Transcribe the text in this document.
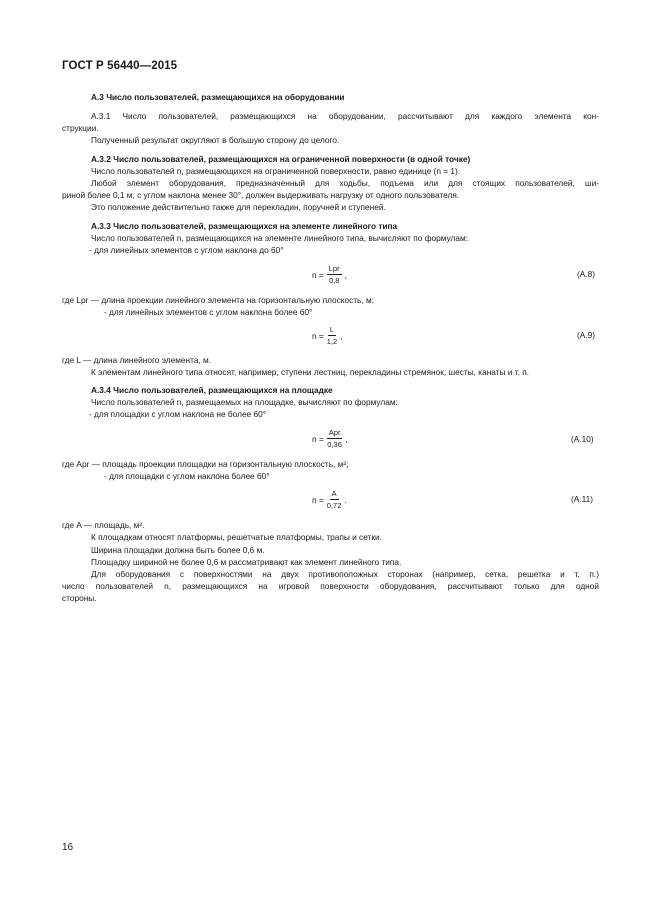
ГОСТ Р 56440—2015
А.3 Число пользователей, размещающихся на оборудовании
А.3.1 Число пользователей, размещающихся на оборудовании, рассчитывают для каждого элемента кон-
струкции.
Полученный результат округляют в большую сторону до целого.
А.3.2 Число пользователей, размещающихся на ограниченной поверхности (в одной точке)
Число пользователей n, размещающихся на ограниченной поверхности, равно единице (n = 1).
Любой элемент оборудования, предназначенный для ходьбы, подъема или для стоящих пользователей, ши-
риной более 0,1 м, с углом наклона менее 30°, должен выдерживать нагрузку от одного пользователя.
Это положение действительно также для перекладин, поручней и ступеней.
А.3.3 Число пользователей, размещающихся на элементе линейного типа
Число пользователей n, размещающихся на элементе линейного типа, вычисляют по формулам:
- для линейных элементов с углом наклона до 60°
$n = \frac{\text{Lpr}}{0,8}$ ,	(A.8)
где Lpr — длина проекции линейного элемента на горизонтальную плоскость, м;
- для линейных элементов с углом наклона более 60°
$n = \frac{L}{1,2}$ ,	(A.9)
где L — длина линейного элемента, м.
К элементам линейного типа относят, например, ступени лестниц, перекладины стремянок, шесты, канаты и т. п.
А.3.4 Число пользователей, размещающихся на площадке
Число пользователей n, размещаемых на площадке, вычисляют по формулам:
- для площадки с углом наклона не более 60°
$n = \frac{\text{Apr}}{0,36}$ ,	(A.10)
где Apr — площадь проекции площадки на горизонтальную плоскость, м²;
- для площадки с углом наклона более 60°
$n = \frac{A}{0,72}$ .	(A.11)
где A — площадь, м².
К площадкам относят платформы, решетчатые платформы, трапы и сетки.
Ширина площадки должна быть более 0,6 м.
Площадку шириной не более 0,6 м рассматривают как элемент линейного типа.
Для оборудования с поверхностями на двух противоположных сторонах (например, сетка, решетка и т. п.)
число пользователей n, размещающихся на игровой поверхности оборудования, рассчитывают только для одной
стороны.
16
